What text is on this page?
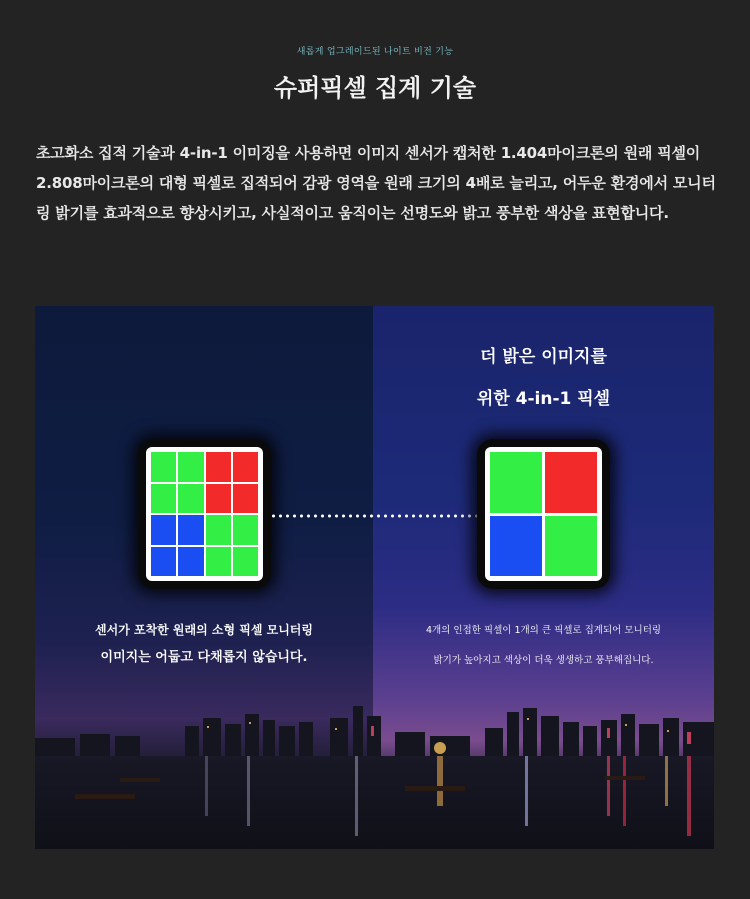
새롭게 업그레이드된 나이트 비전 기능
슈퍼픽셀 집계 기술

초고화소 집적 기술과 4-in-1 이미징을 사용하면 이미지 센서가 캡처한 1.404마이크론의 원래 픽셀이 2.808마이크론의 대형 픽셀로 집적되어 감광 영역을 원래 크기의 4배로 늘리고, 어두운 환경에서 모니터링 밝기를 효과적으로 향상시키고, 사실적이고 움직이는 선명도와 밝고 풍부한 색상을 표현합니다.

더 밝은 이미지를
위한 4-in-1 픽셀
센서가 포착한 원래의 소형 픽셀 모니터링
이미지는 어둡고 다채롭지 않습니다.
4개의 인접한 픽셀이 1개의 큰 픽셀로 집계되어 모니터링
밝기가 높아지고 색상이 더욱 생생하고 풍부해집니다.
